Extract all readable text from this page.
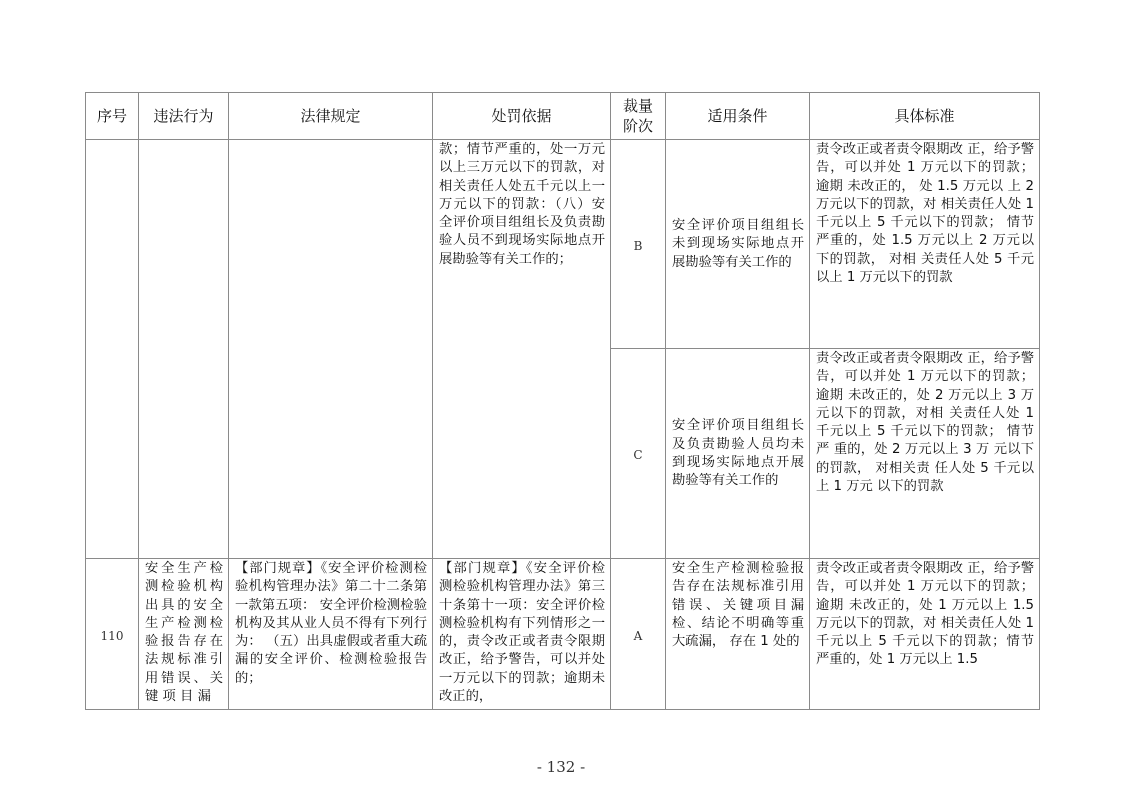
序号	违法行为	法律规定	处罚依据	裁量阶次	适用条件	具体标准

			款；情节严重的，处一万元以上三万元以下的罚款，对相关责任人处五千元以上一万元以下的罚款：（八）安全评价项目组组长及负责勘验人员不到现场实际地点开展勘验等有关工作的；	B	安全评价项目组组长未到现场实际地点开展勘验等有关工作的	责令改正或者责令限期改 正，给予警告，可以并处 1 万元以下的罚款； 逾期 未改正的， 处 1.5 万元以 上 2 万元以下的罚款，对 相关责任人处 1 千元以上 5 千元以下的罚款； 情节 严重的，处 1.5 万元以上 2 万元以下的罚款， 对相 关责任人处 5 千元以上 1 万元以下的罚款

				C	安全评价项目组组长及负责勘验人员均未到现场实际地点开展勘验等有关工作的	责令改正或者责令限期改 正，给予警告，可以并处 1 万元以下的罚款； 逾期 未改正的，处 2 万元以上 3 万元以下的罚款，对相 关责任人处 1 千元以上 5 千元以下的罚款； 情节严 重的，处 2 万元以上 3 万 元以下的罚款， 对相关责 任人处 5 千元以上 1 万元 以下的罚款

110	安全生产检测检验机构出具的安全生产检测检验报告存在法规标准引用错误、关键 项 目 漏	【部门规章】《安全评价检测检验机构管理办法》第二十二条第一款第五项： 安全评价检测检验机构及其从业人员不得有下列行为： （五）出具虚假或者重大疏漏的安全评价、检测检验报告的；	【部门规章】《安全评价检测检验机构管理办法》第三十条第十一项：安全评价检测检验机构有下列情形之一的，责令改正或者责令限期改正，给予警告，可以并处一万元以下的罚款；逾期未改正的，	A	安全生产检测检验报告存在法规标准引用错误、关键项目漏检、结论不明确等重大疏漏， 存在 1 处的	责令改正或者责令限期改 正，给予警告，可以并处 1 万元以下的罚款； 逾期 未改正的，处 1 万元以上 1.5 万元以下的罚款，对 相关责任人处 1 千元以上 5 千元以下的罚款；情节 严重的，处 1 万元以上 1.5
- 132 -
